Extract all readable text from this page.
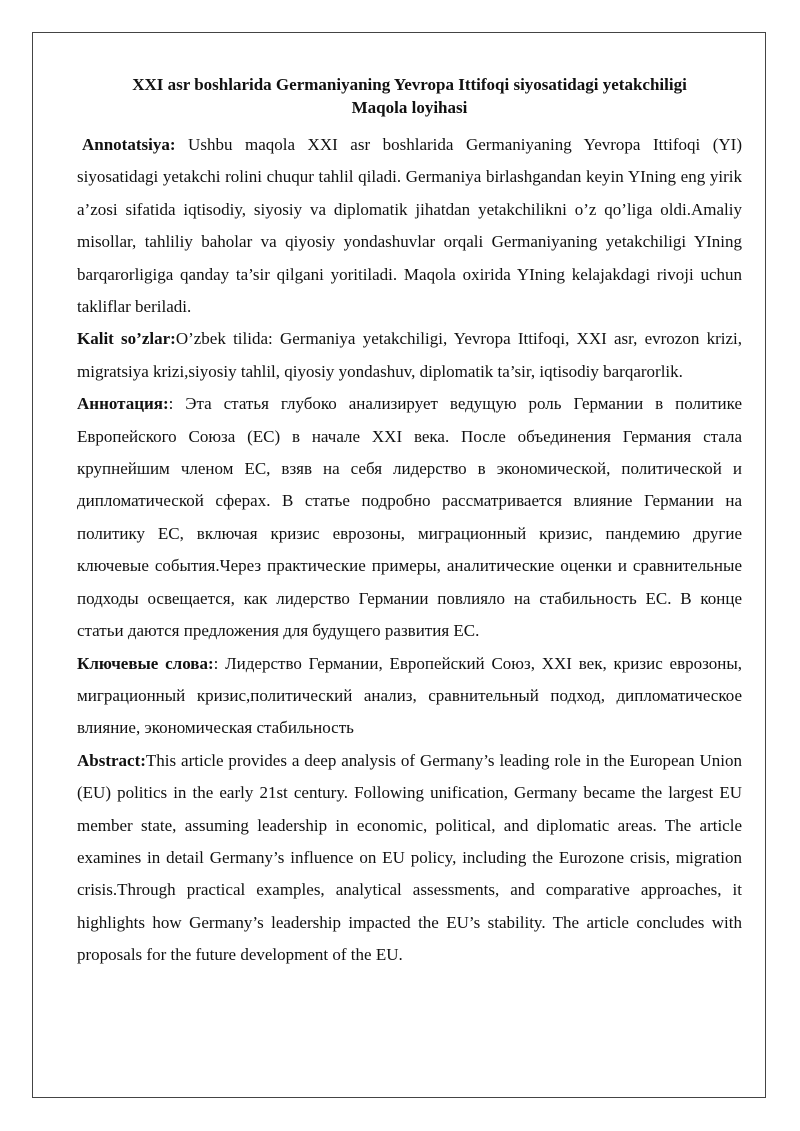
XXI asr boshlarida Germaniyaning Yevropa Ittifoqi siyosatidagi yetakchiligi
Maqola loyihasi

Annotatsiya: Ushbu maqola XXI asr boshlarida Germaniyaning Yevropa Ittifoqi (YI) siyosatidagi yetakchi rolini chuqur tahlil qiladi. Germaniya birlashgandan keyin YIning eng yirik a’zosi sifatida iqtisodiy, siyosiy va diplomatik jihatdan yetakchilikni o’z qo’liga oldi.Amaliy misollar, tahliliy baholar va qiyosiy yondashuvlar orqali Germaniyaning yetakchiligi YIning barqarorligiga qanday ta’sir qilgani yoritiladi. Maqola oxirida YIning kelajakdagi rivoji uchun takliflar beriladi.

Kalit so’zlar:O’zbek tilida: Germaniya yetakchiligi, Yevropa Ittifoqi, XXI asr, evrozon krizi, migratsiya krizi,siyosiy tahlil, qiyosiy yondashuv, diplomatik ta’sir, iqtisodiy barqarorlik.

Аннотация:: Эта статья глубоко анализирует ведущую роль Германии в политике Европейского Союза (ЕС) в начале XXI века. После объединения Германия стала крупнейшим членом ЕС, взяв на себя лидерство в экономической, политической и дипломатической сферах. В статье подробно рассматривается влияние Германии на политику ЕС, включая кризис еврозоны, миграционный кризис, пандемию другие ключевые события.Через практические примеры, аналитические оценки и сравнительные подходы освещается, как лидерство Германии повлияло на стабильность ЕС. В конце статьи даются предложения для будущего развития ЕС.

Ключевые слова:: Лидерство Германии, Европейский Союз, XXI век, кризис еврозоны, миграционный кризис,политический анализ, сравнительный подход, дипломатическое влияние, экономическая стабильность

Abstract:This article provides a deep analysis of Germany’s leading role in the European Union (EU) politics in the early 21st century. Following unification, Germany became the largest EU member state, assuming leadership in economic, political, and diplomatic areas. The article examines in detail Germany’s influence on EU policy, including the Eurozone crisis, migration crisis.Through practical examples, analytical assessments, and comparative approaches, it highlights how Germany’s leadership impacted the EU’s stability. The article concludes with proposals for the future development of the EU.
